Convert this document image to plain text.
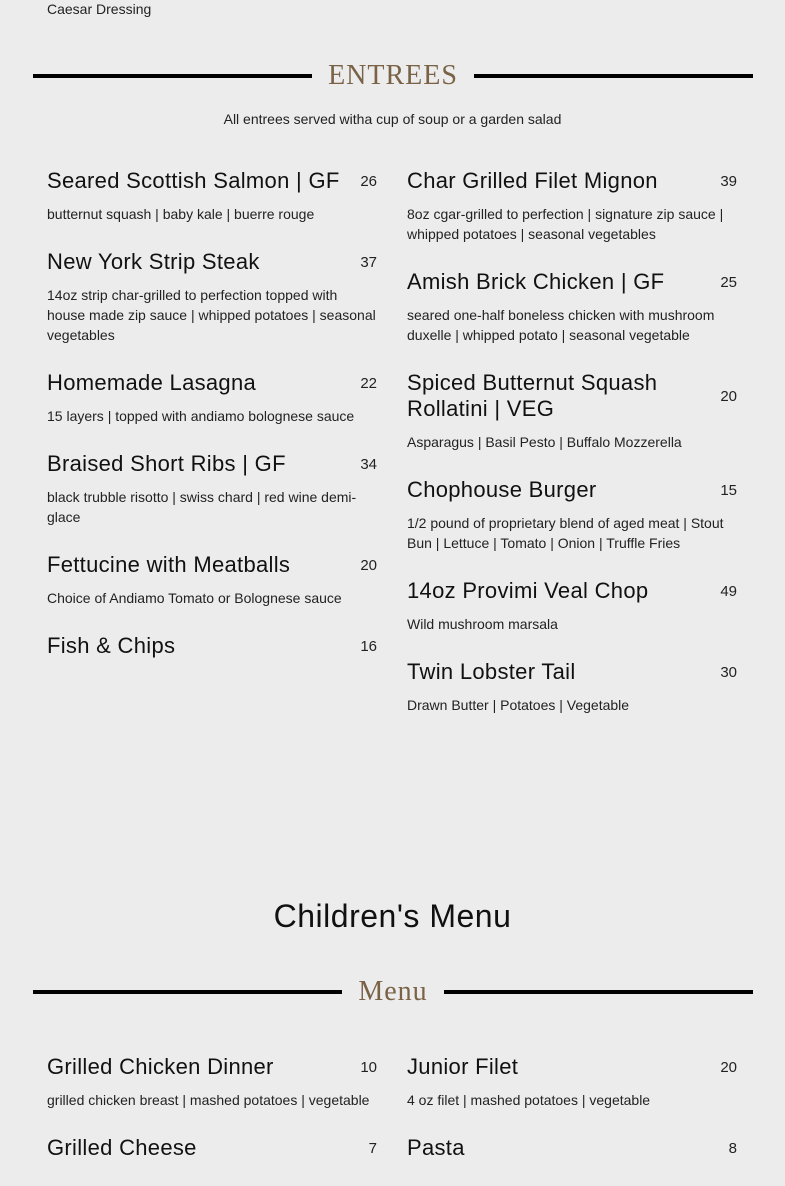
Caesar Dressing
ENTREES
All entrees served witha cup of soup or a garden salad
Seared Scottish Salmon | GF 26
butternut squash | baby kale | buerre rouge
New York Strip Steak	37
14oz strip char-grilled to perfection topped with house made zip sauce | whipped potatoes | seasonal vegetables
Homemade Lasagna	22
15 layers | topped with andiamo bolognese sauce
Braised Short Ribs | GF	34
black trubble risotto | swiss chard | red wine demi-glace
Fettucine with Meatballs	20
Choice of Andiamo Tomato or Bolognese sauce
Fish & Chips	16
Char Grilled Filet Mignon	39
8oz cgar-grilled to perfection | signature zip sauce | whipped potatoes | seasonal vegetables
Amish Brick Chicken | GF	25
seared one-half boneless chicken with mushroom duxelle | whipped potato | seasonal vegetable
Spiced Butternut Squash Rollatini | VEG	20
Asparagus | Basil Pesto | Buffalo Mozzerella
Chophouse Burger	15
1/2 pound of proprietary blend of aged meat | Stout Bun | Lettuce | Tomato | Onion | Truffle Fries
14oz Provimi Veal Chop	49
Wild mushroom marsala
Twin Lobster Tail	30
Drawn Butter | Potatoes | Vegetable
Children's Menu
Menu
Grilled Chicken Dinner	10
grilled chicken breast | mashed potatoes | vegetable
Grilled Cheese	7
Junior Filet	20
4 oz filet | mashed potatoes | vegetable
Pasta	8
